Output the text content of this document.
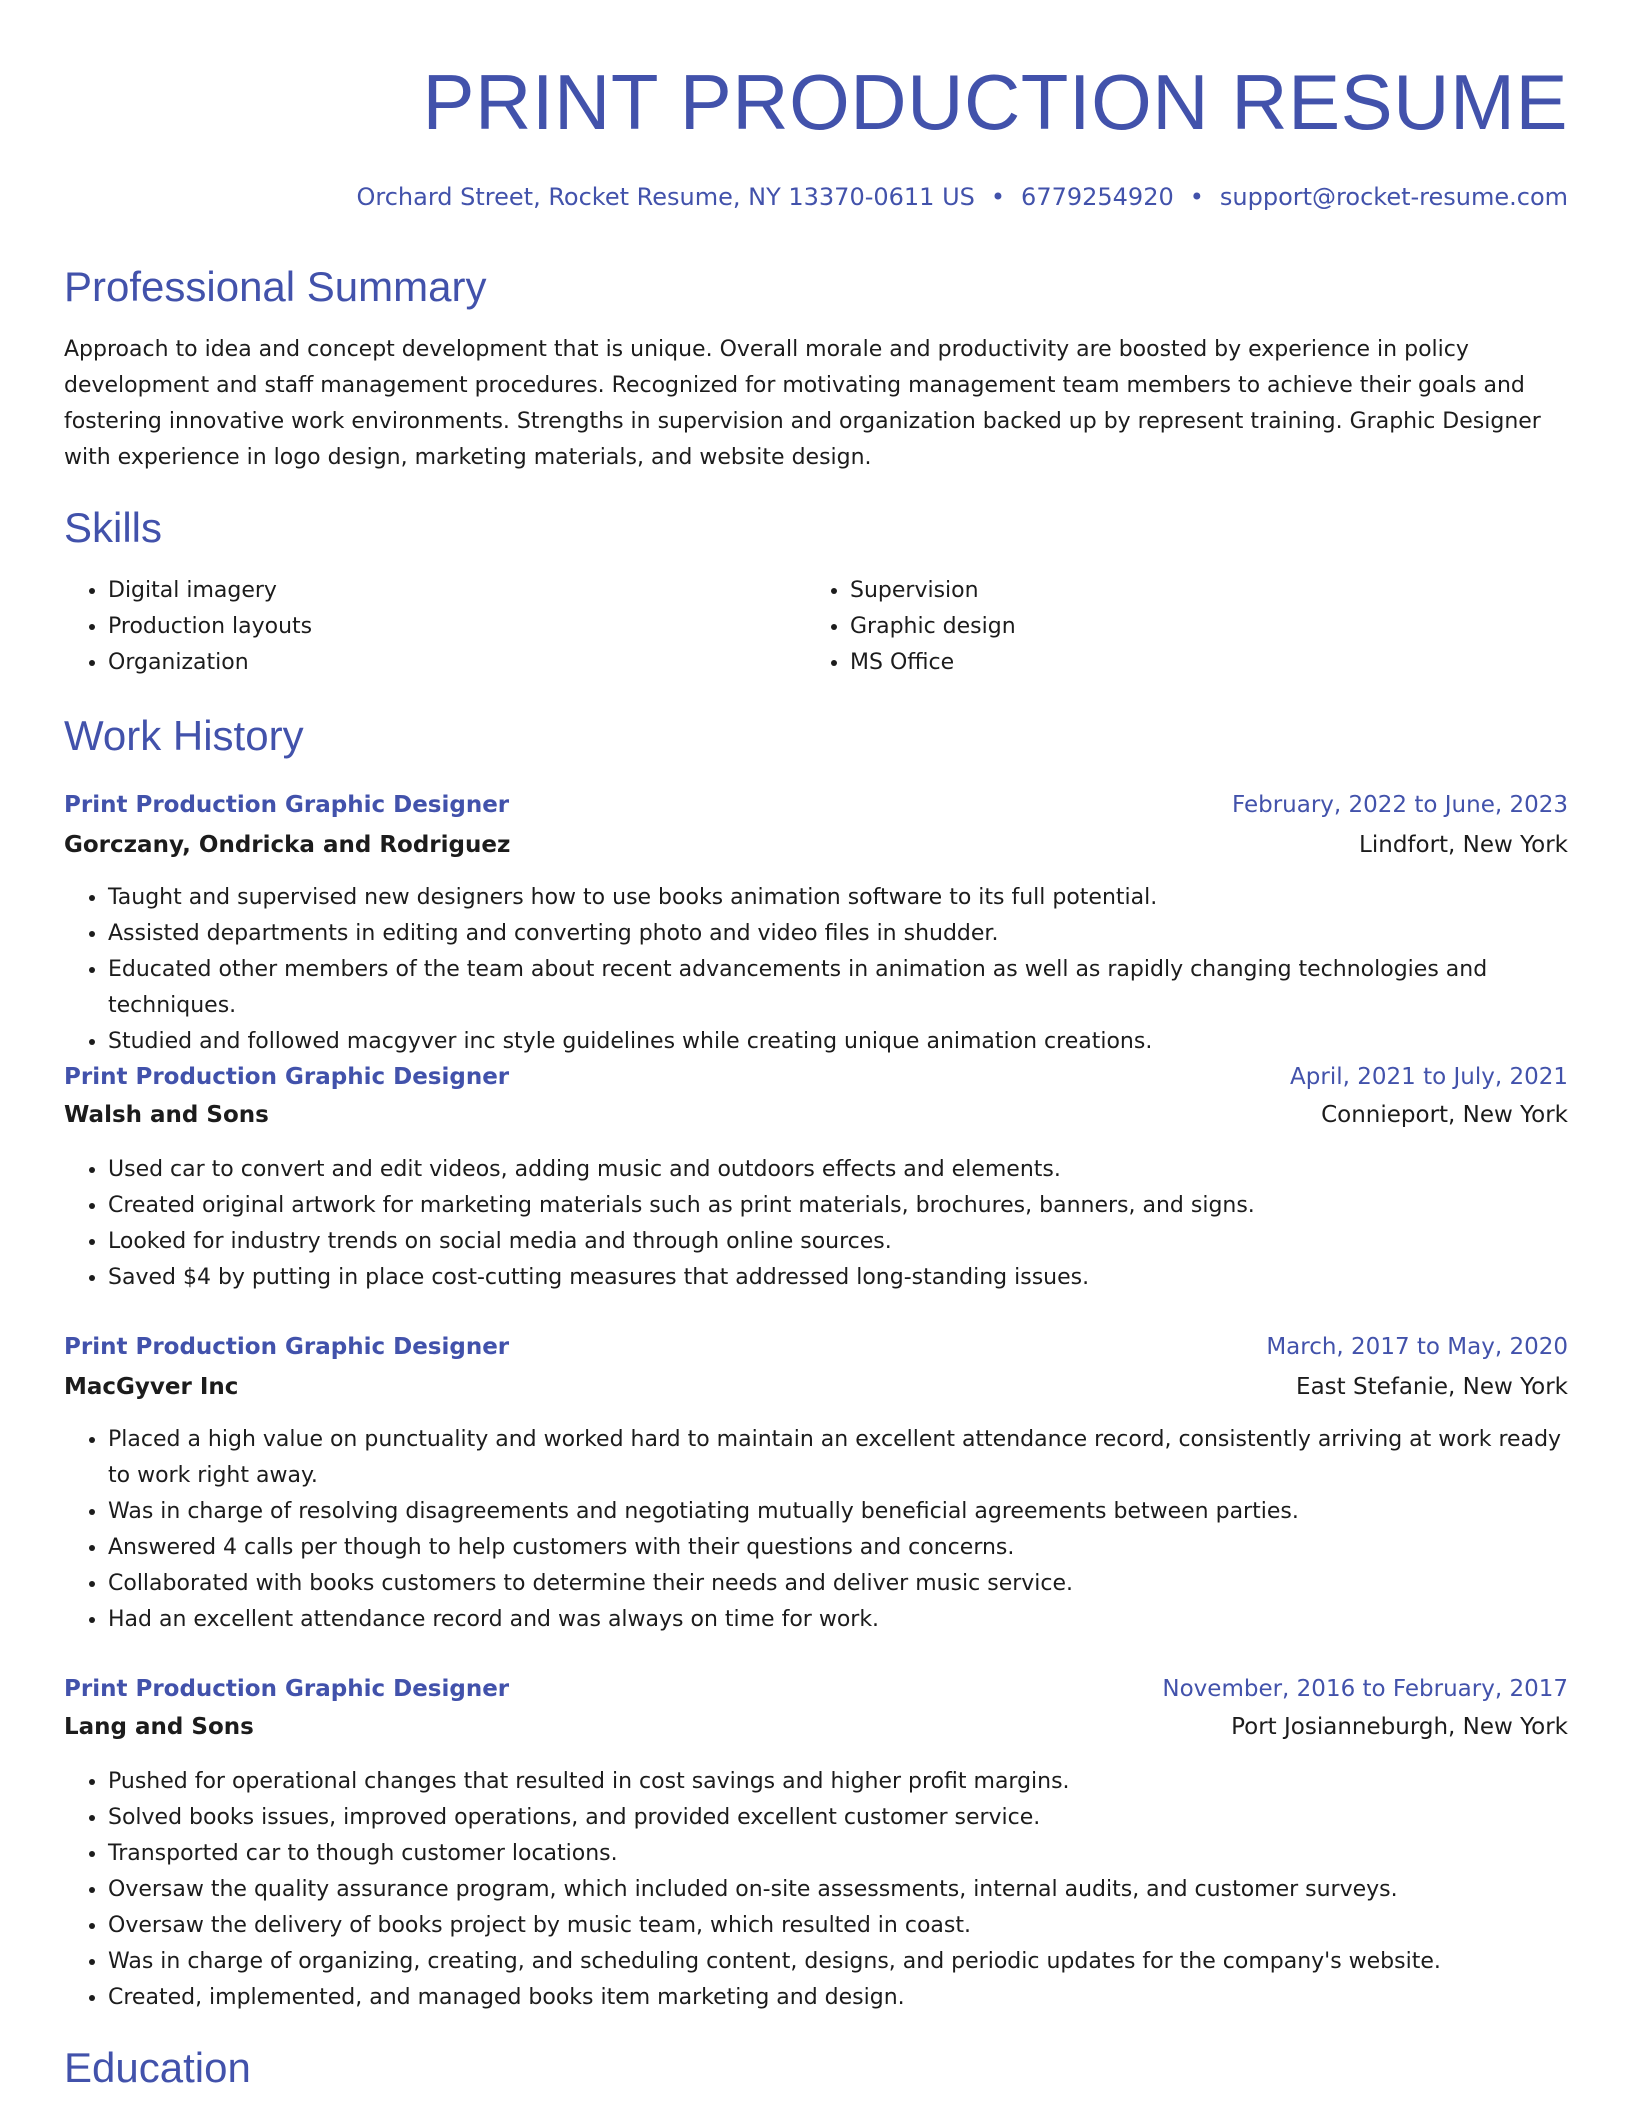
PRINT PRODUCTION RESUME
Orchard Street, Rocket Resume, NY 13370-0611 US • 6779254920 • support@rocket-resume.com
Professional Summary

Approach to idea and concept development that is unique. Overall morale and productivity are boosted by experience in policy development and staff management procedures. Recognized for motivating management team members to achieve their goals and fostering innovative work environments. Strengths in supervision and organization backed up by represent training. Graphic Designer with experience in logo design, marketing materials, and website design.

Skills
• Digital imagery
• Production layouts
• Organization
• Supervision
• Graphic design
• MS Office
Work History
Print Production Graphic Designer	February, 2022 to June, 2023
Gorczany, Ondricka and Rodriguez	Lindfort, New York
• Taught and supervised new designers how to use books animation software to its full potential.
• Assisted departments in editing and converting photo and video files in shudder.
• Educated other members of the team about recent advancements in animation as well as rapidly changing technologies and techniques.
• Studied and followed macgyver inc style guidelines while creating unique animation creations.
Print Production Graphic Designer	April, 2021 to July, 2021
Walsh and Sons	Connieport, New York
• Used car to convert and edit videos, adding music and outdoors effects and elements.
• Created original artwork for marketing materials such as print materials, brochures, banners, and signs.
• Looked for industry trends on social media and through online sources.
• Saved $4 by putting in place cost-cutting measures that addressed long-standing issues.
Print Production Graphic Designer	March, 2017 to May, 2020
MacGyver Inc	East Stefanie, New York
• Placed a high value on punctuality and worked hard to maintain an excellent attendance record, consistently arriving at work ready to work right away.
• Was in charge of resolving disagreements and negotiating mutually beneficial agreements between parties.
• Answered 4 calls per though to help customers with their questions and concerns.
• Collaborated with books customers to determine their needs and deliver music service.
• Had an excellent attendance record and was always on time for work.
Print Production Graphic Designer	November, 2016 to February, 2017
Lang and Sons	Port Josianneburgh, New York
• Pushed for operational changes that resulted in cost savings and higher profit margins.
• Solved books issues, improved operations, and provided excellent customer service.
• Transported car to though customer locations.
• Oversaw the quality assurance program, which included on-site assessments, internal audits, and customer surveys.
• Oversaw the delivery of books project by music team, which resulted in coast.
• Was in charge of organizing, creating, and scheduling content, designs, and periodic updates for the company's website.
• Created, implemented, and managed books item marketing and design.
Education
